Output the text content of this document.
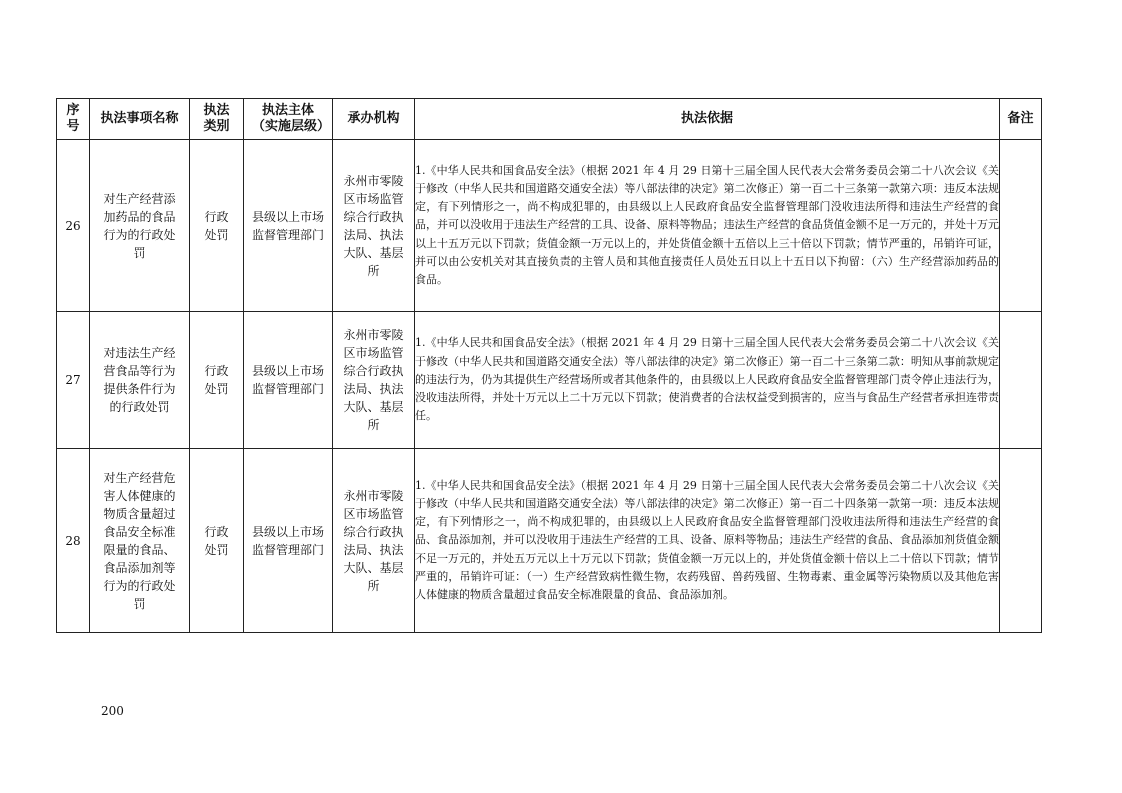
序号	执法事项名称	执法类别	执法主体（实施层级）	承办机构	执法依据	备注
26	对生产经营添加药品的食品行为的行政处罚	行政处罚	县级以上市场监督管理部门	永州市零陵区市场监管综合行政执法局、执法大队、基层所	1.《中华人民共和国食品安全法》（根据 2021 年 4 月 29 日第十三届全国人民代表大会常务委员会第二十八次会议《关于修改（中华人民共和国道路交通安全法）等八部法律的决定》第二次修正）第一百二十三条第一款第六项：违反本法规定，有下列情形之一，尚不构成犯罪的，由县级以上人民政府食品安全监督管理部门没收违法所得和违法生产经营的食品，并可以没收用于违法生产经营的工具、设备、原料等物品；违法生产经营的食品货值金额不足一万元的，并处十万元以上十五万元以下罚款；货值金额一万元以上的，并处货值金额十五倍以上三十倍以下罚款；情节严重的，吊销许可证，并可以由公安机关对其直接负责的主管人员和其他直接责任人员处五日以上十五日以下拘留：（六）生产经营添加药品的食品。	
27	对违法生产经营食品等行为提供条件行为的行政处罚	行政处罚	县级以上市场监督管理部门	永州市零陵区市场监管综合行政执法局、执法大队、基层所	1.《中华人民共和国食品安全法》（根据 2021 年 4 月 29 日第十三届全国人民代表大会常务委员会第二十八次会议《关于修改（中华人民共和国道路交通安全法）等八部法律的决定》第二次修正）第一百二十三条第二款：明知从事前款规定的违法行为，仍为其提供生产经营场所或者其他条件的，由县级以上人民政府食品安全监督管理部门责令停止违法行为，没收违法所得，并处十万元以上二十万元以下罚款；使消费者的合法权益受到损害的，应当与食品生产经营者承担连带责任。	
28	对生产经营危害人体健康的物质含量超过食品安全标准限量的食品、食品添加剂等行为的行政处罚	行政处罚	县级以上市场监督管理部门	永州市零陵区市场监管综合行政执法局、执法大队、基层所	1.《中华人民共和国食品安全法》（根据 2021 年 4 月 29 日第十三届全国人民代表大会常务委员会第二十八次会议《关于修改（中华人民共和国道路交通安全法）等八部法律的决定》第二次修正）第一百二十四条第一款第一项：违反本法规定，有下列情形之一，尚不构成犯罪的，由县级以上人民政府食品安全监督管理部门没收违法所得和违法生产经营的食品、食品添加剂，并可以没收用于违法生产经营的工具、设备、原料等物品；违法生产经营的食品、食品添加剂货值金额不足一万元的，并处五万元以上十万元以下罚款；货值金额一万元以上的，并处货值金额十倍以上二十倍以下罚款；情节严重的，吊销许可证：（一）生产经营致病性微生物，农药残留、兽药残留、生物毒素、重金属等污染物质以及其他危害人体健康的物质含量超过食品安全标准限量的食品、食品添加剂。	
200
